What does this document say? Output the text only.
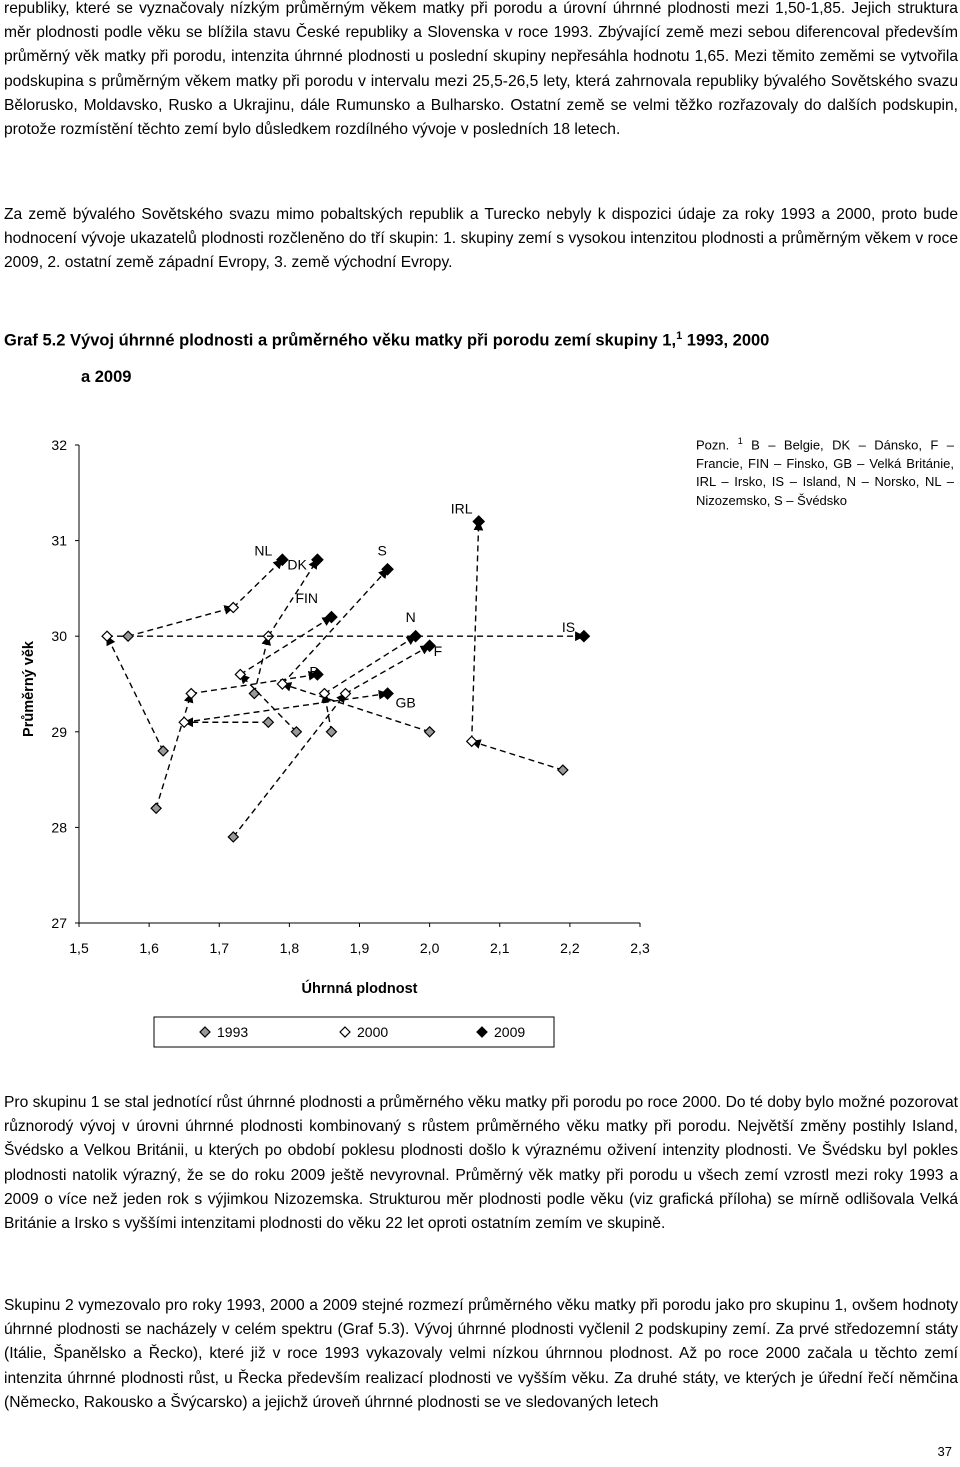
republiky, které se vyznačovaly nízkým průměrným věkem matky při porodu a úrovní úhrnné plodnosti mezi 1,50-1,85. Jejich struktura měr plodnosti podle věku se blížila stavu České republiky a Slovenska v roce 1993. Zbývající země mezi sebou diferencoval především průměrný věk matky při porodu, intenzita úhrnné plodnosti u poslední skupiny nepřesáhla hodnotu 1,65. Mezi těmito zeměmi se vytvořila podskupina s průměrným věkem matky při porodu v intervalu mezi 25,5-26,5 lety, která zahrnovala republiky bývalého Sovětského svazu Bělorusko, Moldavsko, Rusko a Ukrajinu, dále Rumunsko a Bulharsko. Ostatní země se velmi těžko rozřazovaly do dalších podskupin, protože rozmístění těchto zemí bylo důsledkem rozdílného vývoje v posledních 18 letech.

Za země bývalého Sovětského svazu mimo pobaltských republik a Turecko nebyly k dispozici údaje za roky 1993 a 2000, proto bude hodnocení vývoje ukazatelů plodnosti rozčleněno do tří skupin: 1. skupiny zemí s vysokou intenzitou plodnosti a průměrným věkem v roce 2009, 2. ostatní země západní Evropy, 3. země východní Evropy.

Graf 5.2 Vývoj úhrnné plodnosti a průměrného věku matky při porodu zemí skupiny 1,$^1$ 1993, 2000
a 2009
27
28
29
30
31
32
1,5	1,6	1,7	1,8	1,9	2,0	2,1	2,2	2,3
Úhrnná plodnost
Průměrný věk	B
DK
FIN
F
GB
IRL
IS
N
NL	S
1993	2000	2009
Pozn. $^1$ B – Belgie, DK – Dánsko, F – Francie, FIN – Finsko, GB – Velká Británie, IRL – Irsko, IS – Island, N – Norsko, NL – Nizozemsko, S – Švédsko

Pro skupinu 1 se stal jednotící růst úhrnné plodnosti a průměrného věku matky při porodu po roce 2000. Do té doby bylo možné pozorovat různorodý vývoj v úrovni úhrnné plodnosti kombinovaný s růstem průměrného věku matky při porodu. Největší změny postihly Island, Švédsko a Velkou Británii, u kterých po období poklesu plodnosti došlo k výraznému oživení intenzity plodnosti. Ve Švédsku byl pokles plodnosti natolik výrazný, že se do roku 2009 ještě nevyrovnal. Průměrný věk matky při porodu u všech zemí vzrostl mezi roky 1993 a 2009 o více než jeden rok s výjimkou Nizozemska. Strukturou měr plodnosti podle věku (viz grafická příloha) se mírně odlišovala Velká Británie a Irsko s vyššími intenzitami plodnosti do věku 22 let oproti ostatním zemím ve skupině.

Skupinu 2 vymezovalo pro roky 1993, 2000 a 2009 stejné rozmezí průměrného věku matky při porodu jako pro skupinu 1, ovšem hodnoty úhrnné plodnosti se nacházely v celém spektru (Graf 5.3). Vývoj úhrnné plodnosti vyčlenil 2 podskupiny zemí. Za prvé středozemní státy (Itálie, Španělsko a Řecko), které již v roce 1993 vykazovaly velmi nízkou úhrnnou plodnost. Až po roce 2000 začala u těchto zemí intenzita úhrnné plodnosti růst, u Řecka především realizací plodnosti ve vyšším věku. Za druhé státy, ve kterých je úřední řečí němčina (Německo, Rakousko a Švýcarsko) a jejichž úroveň úhrnné plodnosti se ve sledovaných letech

37
